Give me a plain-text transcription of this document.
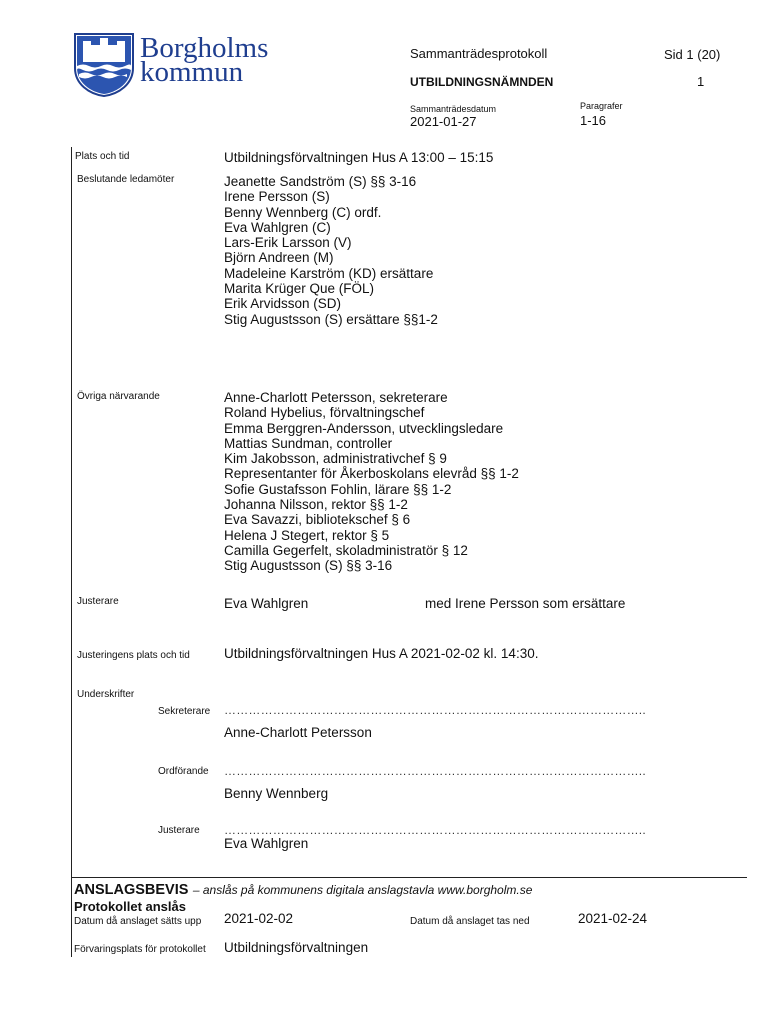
Borgholms
kommun
Sammanträdesprotokoll	Sid 1 (20)
UTBILDNINGSNÄMNDEN	1
Sammanträdesdatum	Paragrafer
2021-01-27	1-16
Plats och tid	Utbildningsförvaltningen Hus A 13:00 – 15:15
Beslutande ledamöter	Jeanette Sandström (S) §§ 3-16
Irene Persson (S)
Benny Wennberg (C) ordf.
Eva Wahlgren (C)
Lars-Erik Larsson (V)
Björn Andreen (M)
Madeleine Karström (KD) ersättare
Marita Krüger Que (FÖL)
Erik Arvidsson (SD)
Stig Augustsson (S) ersättare §§1-2
Övriga närvarande	Anne-Charlott Petersson, sekreterare
Roland Hybelius, förvaltningschef
Emma Berggren-Andersson, utvecklingsledare
Mattias Sundman, controller
Kim Jakobsson, administrativchef § 9
Representanter för Åkerboskolans elevråd §§ 1-2
Sofie Gustafsson Fohlin, lärare §§ 1-2
Johanna Nilsson, rektor §§ 1-2
Eva Savazzi, bibliotekschef § 6
Helena J Stegert, rektor § 5
Camilla Gegerfelt, skoladministratör § 12
Stig Augustsson (S) §§ 3-16
Justerare	Eva Wahlgren	med Irene Persson som ersättare
Justeringens plats och tid	Utbildningsförvaltningen Hus A 2021-02-02 kl. 14:30.
Underskrifter
Sekreterare …………………………………………………………………………………………..
Anne-Charlott Petersson
Ordförande …………………………………………………………………………………………..
Benny Wennberg
Justerare …………………………………………………………………………………………..
Eva Wahlgren
ANSLAGSBEVIS – anslås på kommunens digitala anslagstavla www.borgholm.se
Protokollet anslås
Datum då anslaget sätts upp 2021-02-02	Datum då anslaget tas ned	2021-02-24
Förvaringsplats för protokollet Utbildningsförvaltningen
